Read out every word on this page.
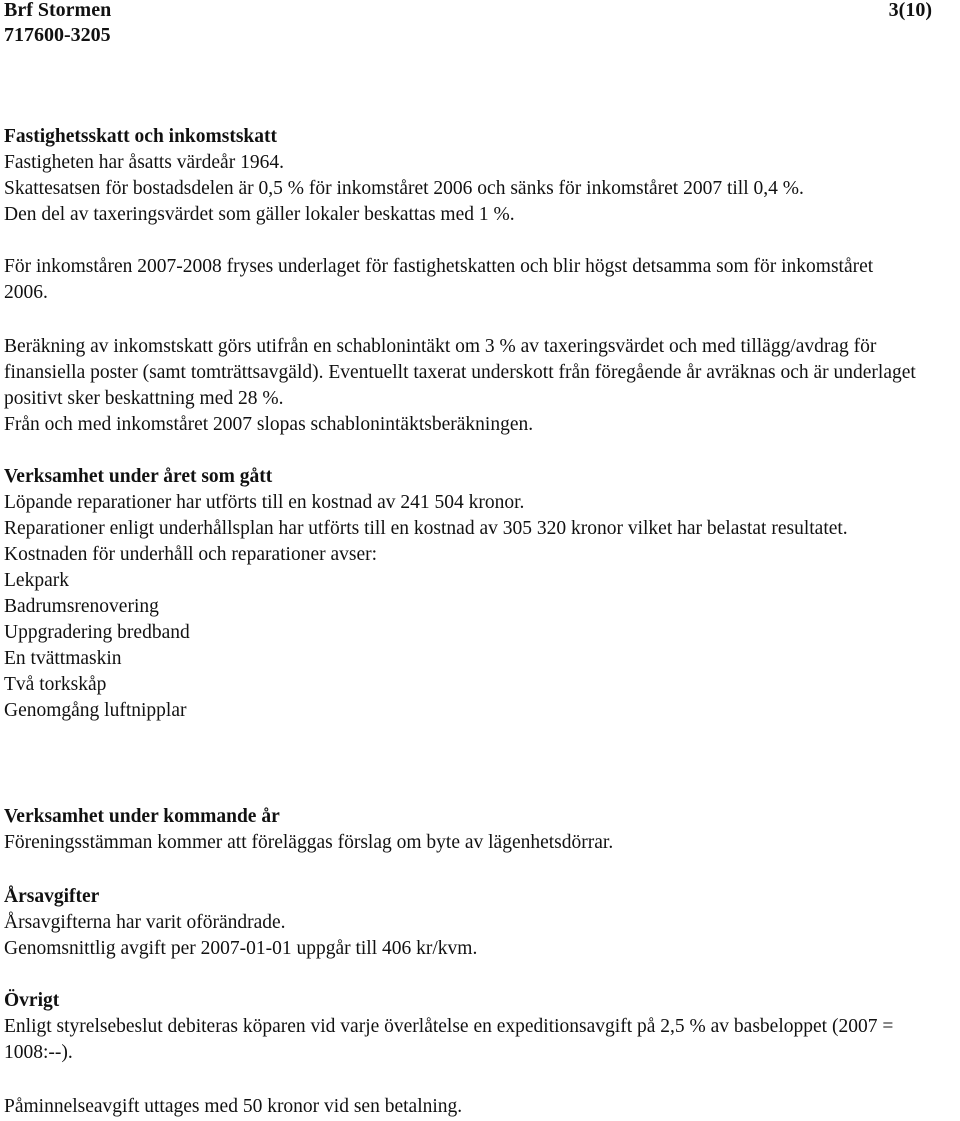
Brf Stormen
717600-3205
3(10)
Fastighetsskatt och inkomstskatt
Fastigheten har åsatts värdeår 1964.
Skattesatsen för bostadsdelen är 0,5 % för inkomståret 2006 och sänks för inkomståret 2007 till 0,4 %.
Den del av taxeringsvärdet som gäller lokaler beskattas med 1 %.
För inkomståren 2007-2008 fryses underlaget för fastighetskatten och blir högst detsamma som för inkomståret 2006.
Beräkning av inkomstskatt görs utifrån en schablonintäkt om 3 % av taxeringsvärdet och med tillägg/avdrag för finansiella poster (samt tomträttsavgäld). Eventuellt taxerat underskott från föregående år avräknas och är underlaget positivt sker beskattning med 28 %.
Från och med inkomståret 2007 slopas schablonintäktsberäkningen.
Verksamhet under året som gått
Löpande reparationer har utförts till en kostnad av 241 504 kronor.
Reparationer enligt underhållsplan har utförts till en kostnad av 305 320 kronor vilket har belastat resultatet.
Kostnaden för underhåll och reparationer avser:
Lekpark
Badrumsrenovering
Uppgradering bredband
En tvättmaskin
Två torkskåp
Genomgång luftnipplar
Verksamhet under kommande år
Föreningsstämman kommer att föreläggas förslag om byte av lägenhetsdörrar.
Årsavgifter
Årsavgifterna har varit oförändrade.
Genomsnittlig avgift per 2007-01-01 uppgår till 406 kr/kvm.
Övrigt
Enligt styrelsebeslut debiteras köparen vid varje överlåtelse en expeditionsavgift på 2,5 % av basbeloppet (2007 = 1008:--).
Påminnelseavgift uttages med 50 kronor vid sen betalning.
